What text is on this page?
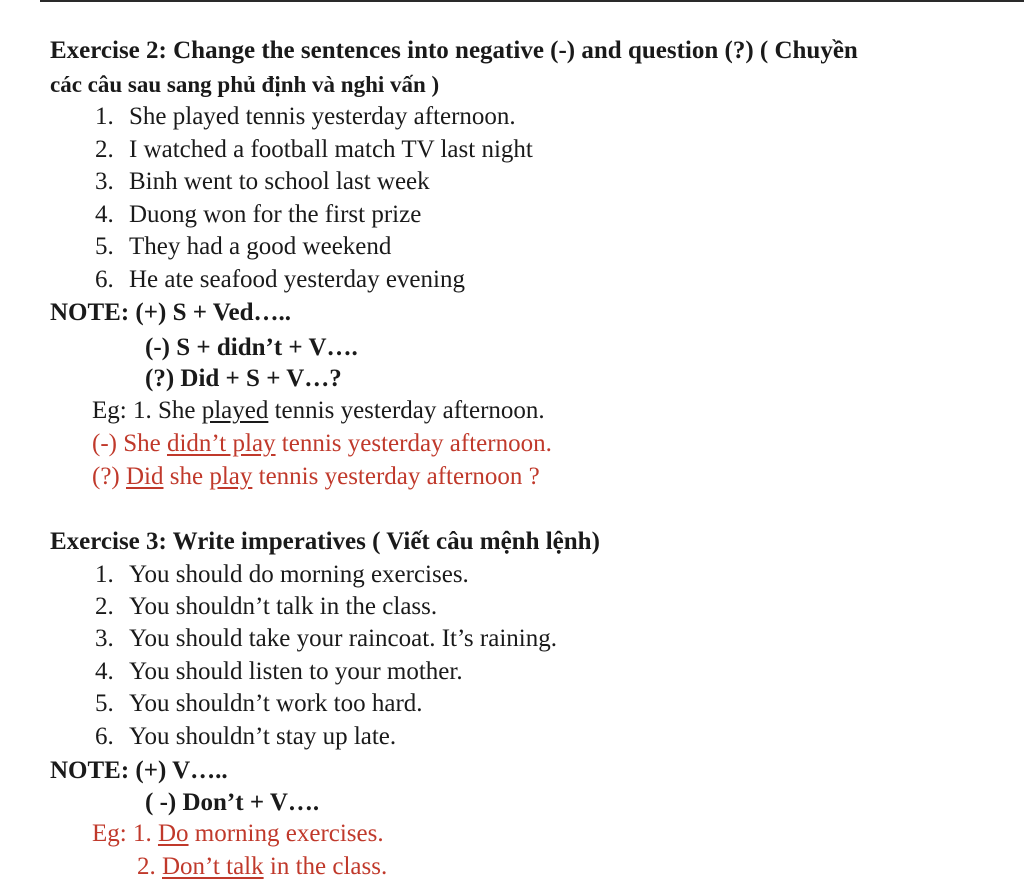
Exercise 2: Change the sentences into negative (-) and question (?) ( Chuyền
các câu sau sang phủ định và nghi vấn )
1. She played tennis yesterday afternoon.
2. I watched a football match TV last night
3. Binh went to school last week
4. Duong won for the first prize
5. They had a good weekend
6. He ate seafood yesterday evening
NOTE: (+) S + Ved…..
(-) S + didn’t + V….
(?) Did + S + V…?
Eg: 1. She played tennis yesterday afternoon.
(-) She didn’t play tennis yesterday afternoon.
(?) Did she play tennis yesterday afternoon ?
Exercise 3: Write imperatives ( Viết câu mệnh lệnh)
1. You should do morning exercises.
2. You shouldn’t talk in the class.
3. You should take your raincoat. It’s raining.
4. You should listen to your mother.
5. You shouldn’t work too hard.
6. You shouldn’t stay up late.
NOTE: (+) V…..
( -) Don’t + V….
Eg: 1. Do morning exercises.
2. Don’t talk in the class.
